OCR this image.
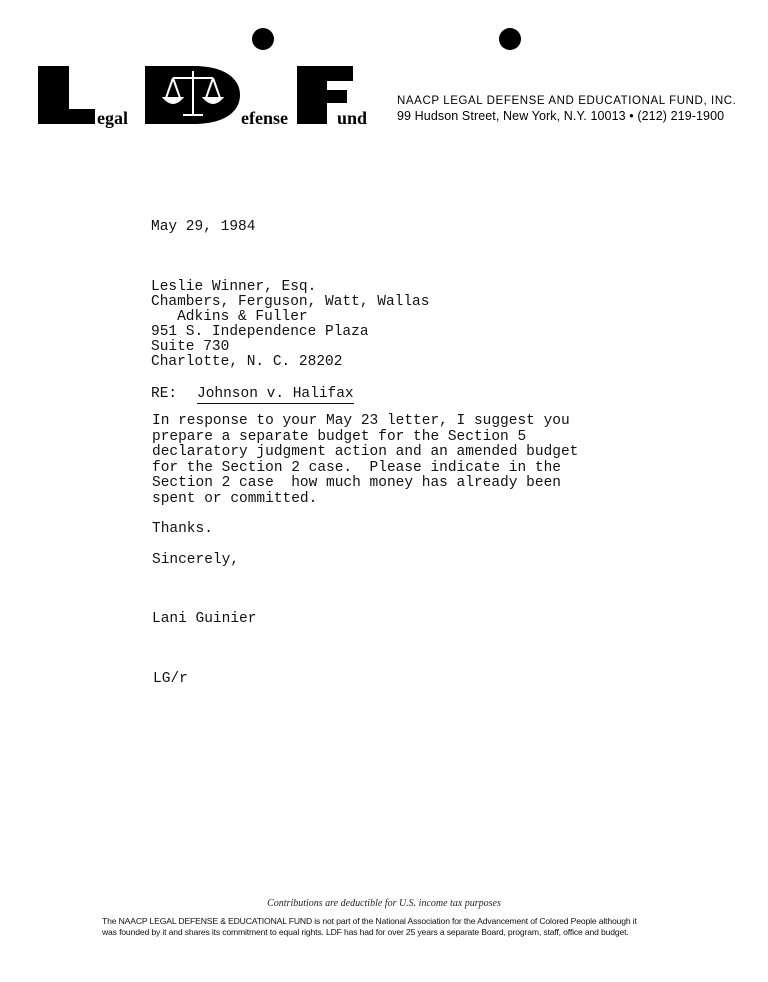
egal	efense	und
NAACP LEGAL DEFENSE AND EDUCATIONAL FUND, INC.
99 Hudson Street, New York, N.Y. 10013 • (212) 219-1900
May 29, 1984
Leslie Winner, Esq.
Chambers, Ferguson, Watt, Wallas
Adkins & Fuller
951 S. Independence Plaza
Suite 730
Charlotte, N. C. 28202
RE: Johnson v. Halifax
In response to your May 23 letter, I suggest you
prepare a separate budget for the Section 5
declaratory judgment action and an amended budget
for the Section 2 case.  Please indicate in the
Section 2 case  how much money has already been
spent or committed.
Thanks.
Sincerely,
Lani Guinier
LG/r
Contributions are deductible for U.S. income tax purposes
The NAACP LEGAL DEFENSE & EDUCATIONAL FUND is not part of the National Association for the Advancement of Colored People although it
was founded by it and shares its commitment to equal rights. LDF has had for over 25 years a separate Board, program, staff, office and budget.
